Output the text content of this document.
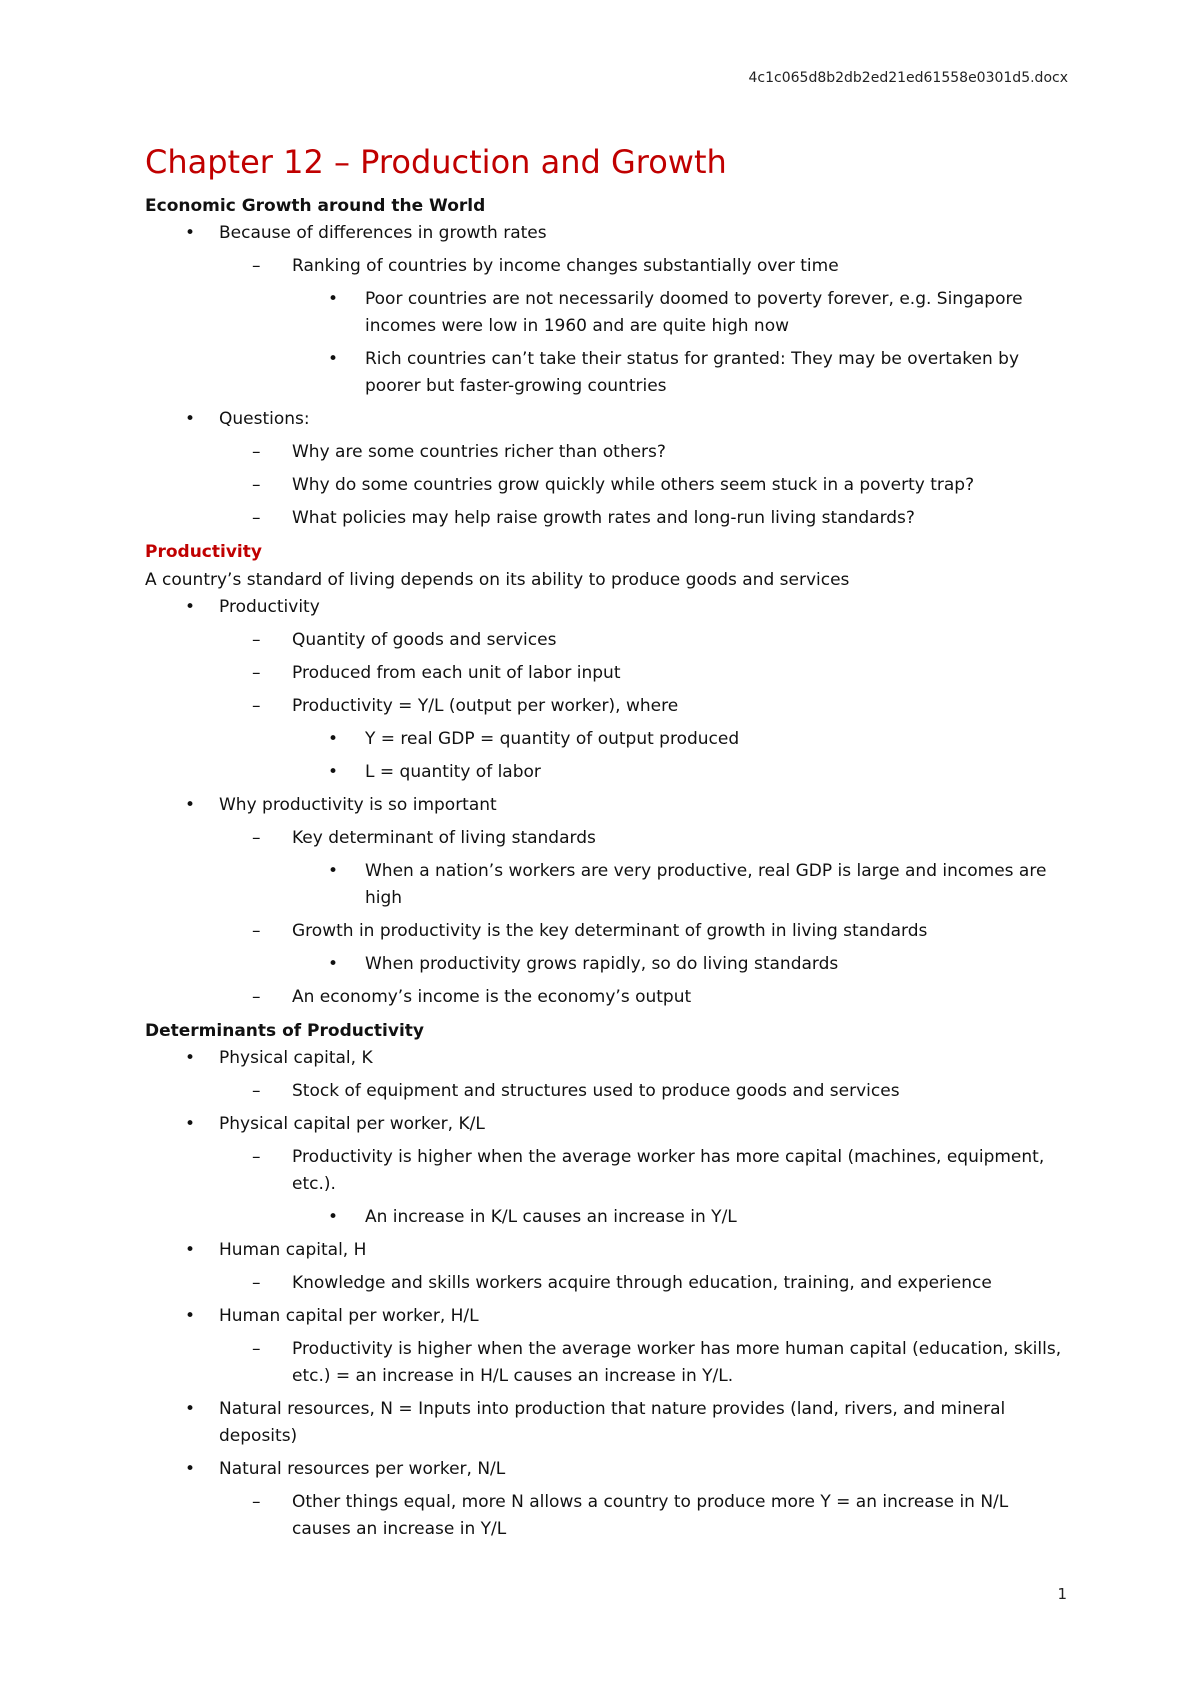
4c1c065d8b2db2ed21ed61558e0301d5.docx
Chapter 12 – Production and Growth
Economic Growth around the World
• Because of differences in growth rates
– Ranking of countries by income changes substantially over time
• Poor countries are not necessarily doomed to poverty forever, e.g. Singapore incomes were low in 1960 and are quite high now
• Rich countries can’t take their status for granted: They may be overtaken by poorer but faster-growing countries
• Questions:
– Why are some countries richer than others?
– Why do some countries grow quickly while others seem stuck in a poverty trap?
– What policies may help raise growth rates and long-run living standards?
Productivity
A country’s standard of living depends on its ability to produce goods and services
• Productivity
– Quantity of goods and services
– Produced from each unit of labor input
– Productivity = Y/L (output per worker), where
• Y = real GDP = quantity of output produced
• L = quantity of labor
• Why productivity is so important
– Key determinant of living standards
• When a nation’s workers are very productive, real GDP is large and incomes are high
– Growth in productivity is the key determinant of growth in living standards
• When productivity grows rapidly, so do living standards
– An economy’s income is the economy’s output
Determinants of Productivity
• Physical capital, K
– Stock of equipment and structures used to produce goods and services
• Physical capital per worker, K/L
– Productivity is higher when the average worker has more capital (machines, equipment, etc.).
• An increase in K/L causes an increase in Y/L
• Human capital, H
– Knowledge and skills workers acquire through education, training, and experience
• Human capital per worker, H/L
– Productivity is higher when the average worker has more human capital (education, skills, etc.) = an increase in H/L causes an increase in Y/L.
• Natural resources, N = Inputs into production that nature provides (land, rivers, and mineral deposits)
• Natural resources per worker, N/L
– Other things equal, more N allows a country to produce more Y = an increase in N/L causes an increase in Y/L
1
